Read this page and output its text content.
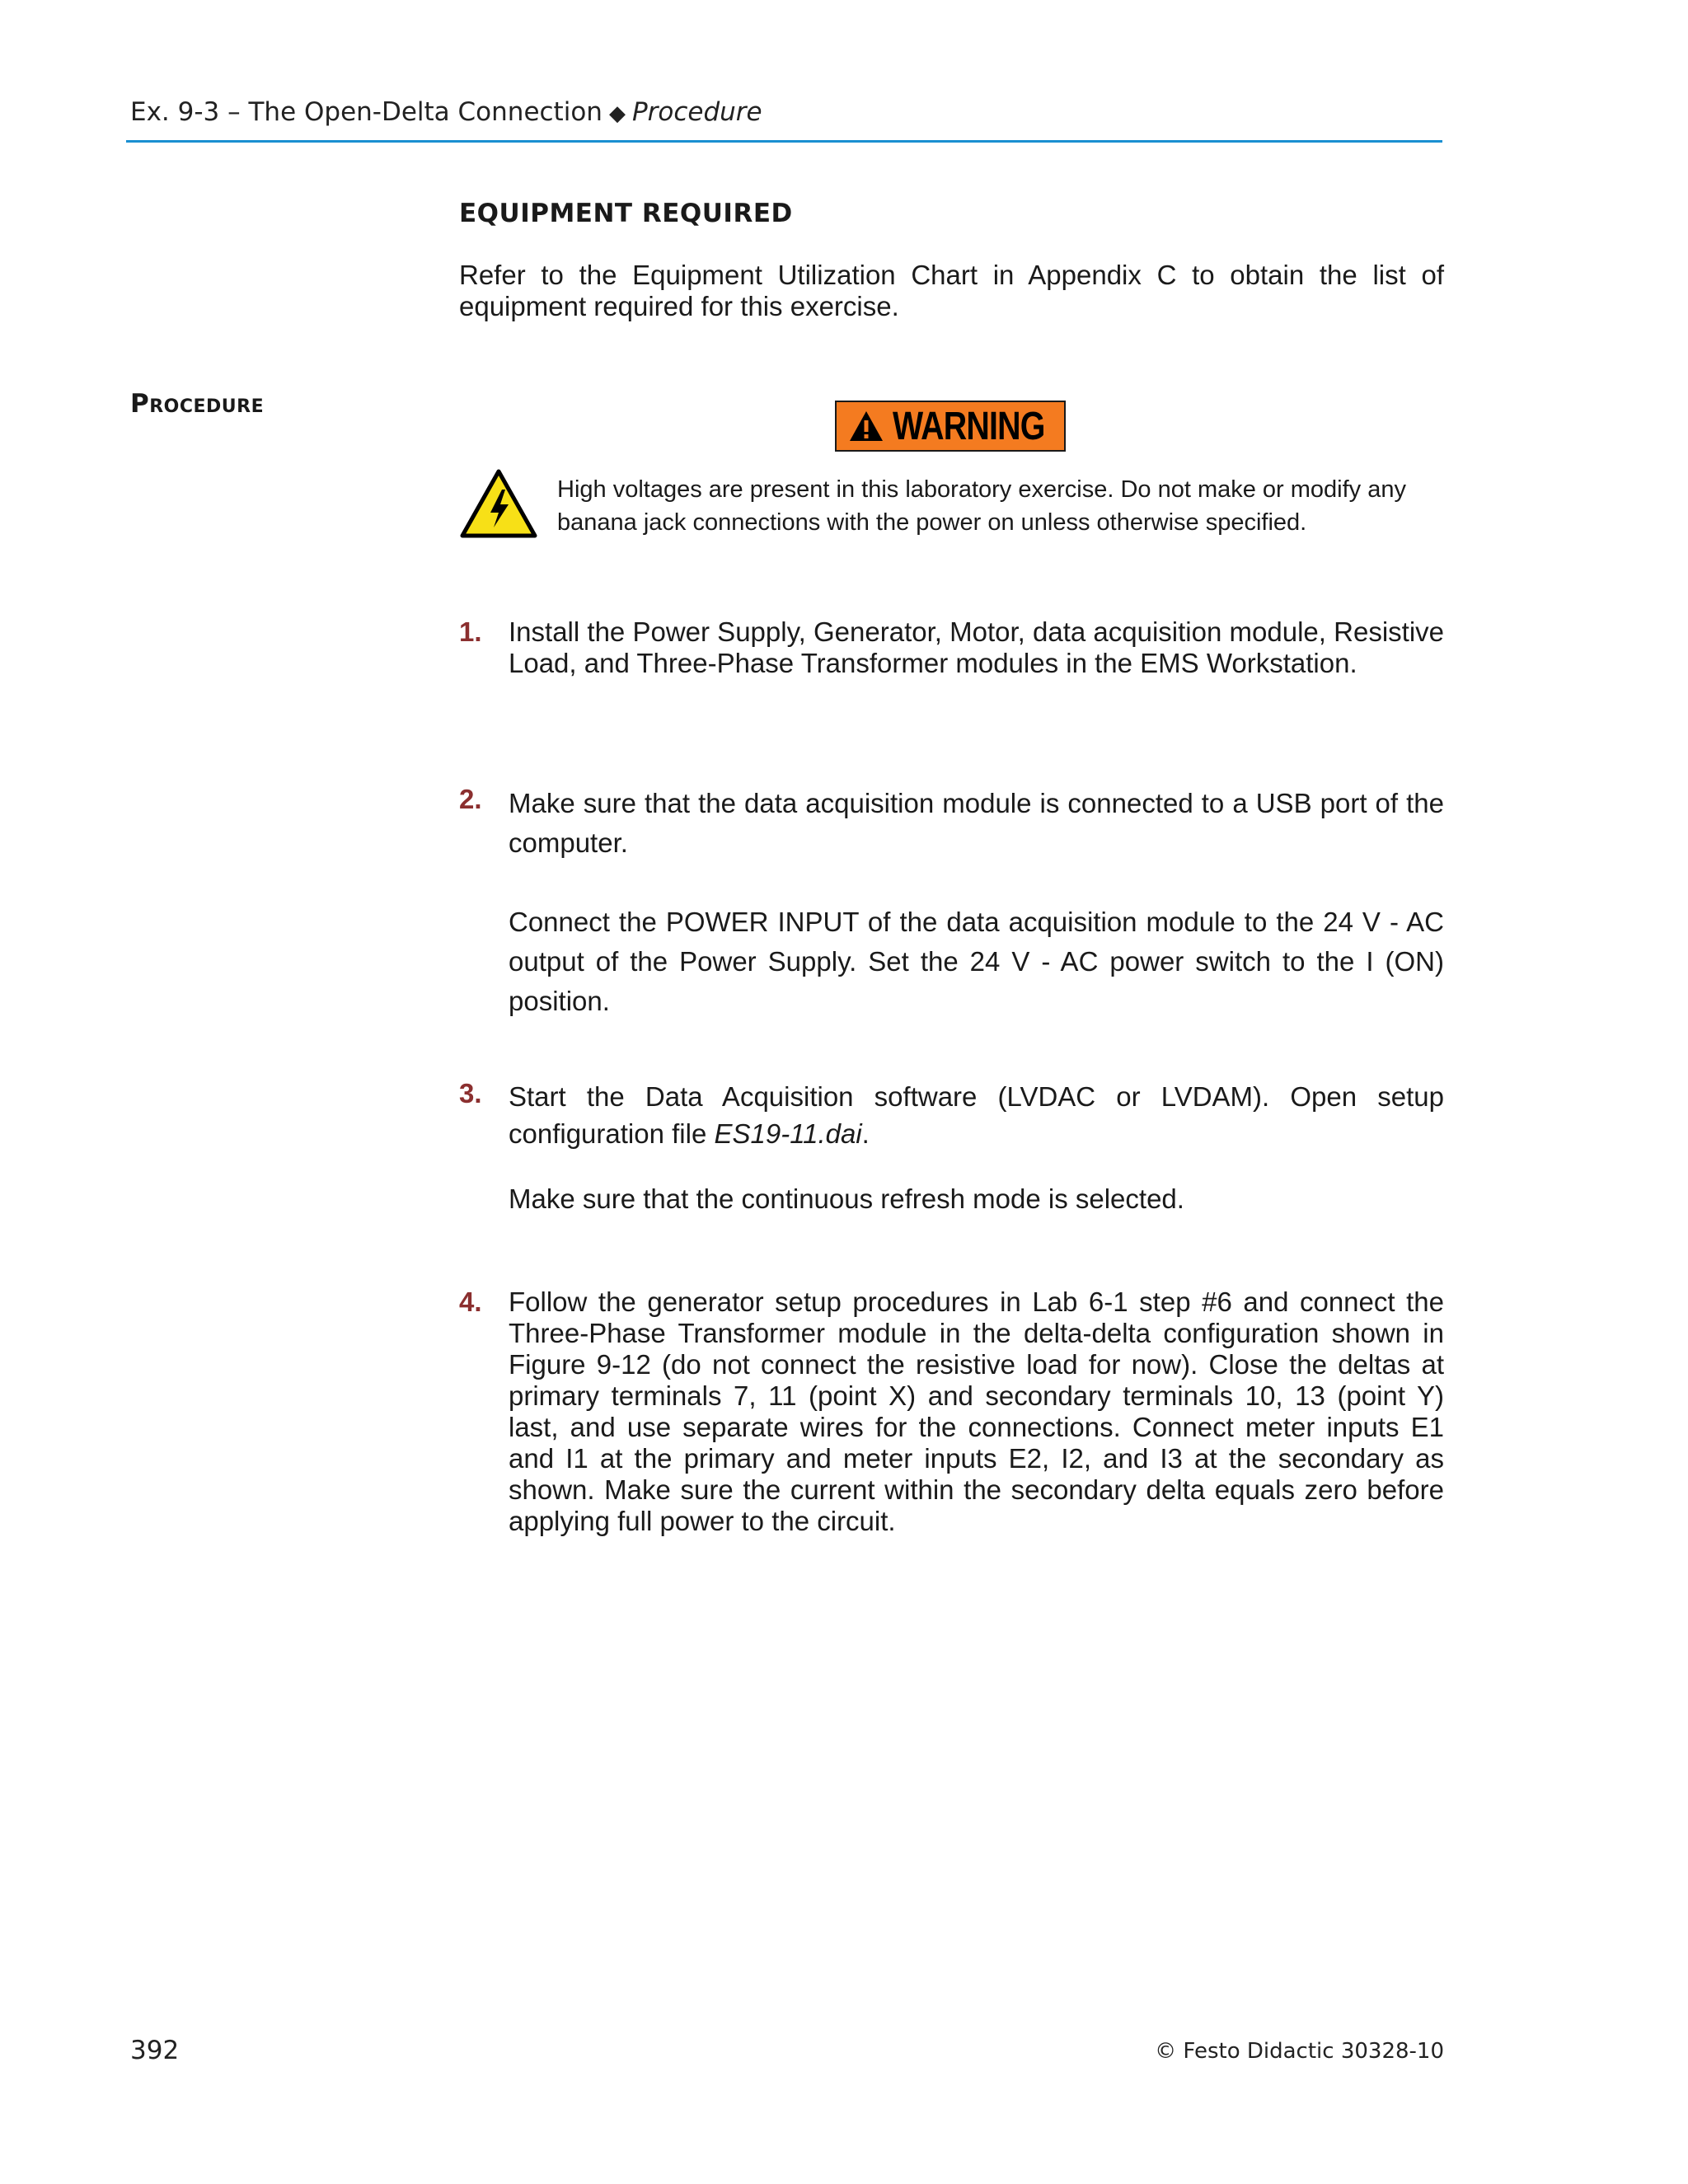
Ex. 9-3 – The Open-Delta Connection ◆ Procedure
EQUIPMENT REQUIRED
Refer to the Equipment Utilization Chart in Appendix C to obtain the list of equipment required for this exercise.
Procedure
WARNING
High voltages are present in this laboratory exercise. Do not make or modify any banana jack connections with the power on unless otherwise specified.
1. Install the Power Supply, Generator, Motor, data acquisition module, Resistive Load, and Three-Phase Transformer modules in the EMS Workstation.

2. Make sure that the data acquisition module is connected to a USB port of the computer.

Connect the POWER INPUT of the data acquisition module to the 24 V - AC output of the Power Supply. Set the 24 V - AC power switch to the I (ON) position.

3. Start the Data Acquisition software (LVDAC or LVDAM). Open setup configuration file ES19-11.dai.

Make sure that the continuous refresh mode is selected.

4. Follow the generator setup procedures in Lab 6-1 step #6 and connect the Three-Phase Transformer module in the delta-delta configuration shown in Figure 9-12 (do not connect the resistive load for now). Close the deltas at primary terminals 7, 11 (point X) and secondary terminals 10, 13 (point Y) last, and use separate wires for the connections. Connect meter inputs E1 and I1 at the primary and meter inputs E2, I2, and I3 at the secondary as shown. Make sure the current within the secondary delta equals zero before applying full power to the circuit.

392	© Festo Didactic 30328-10
